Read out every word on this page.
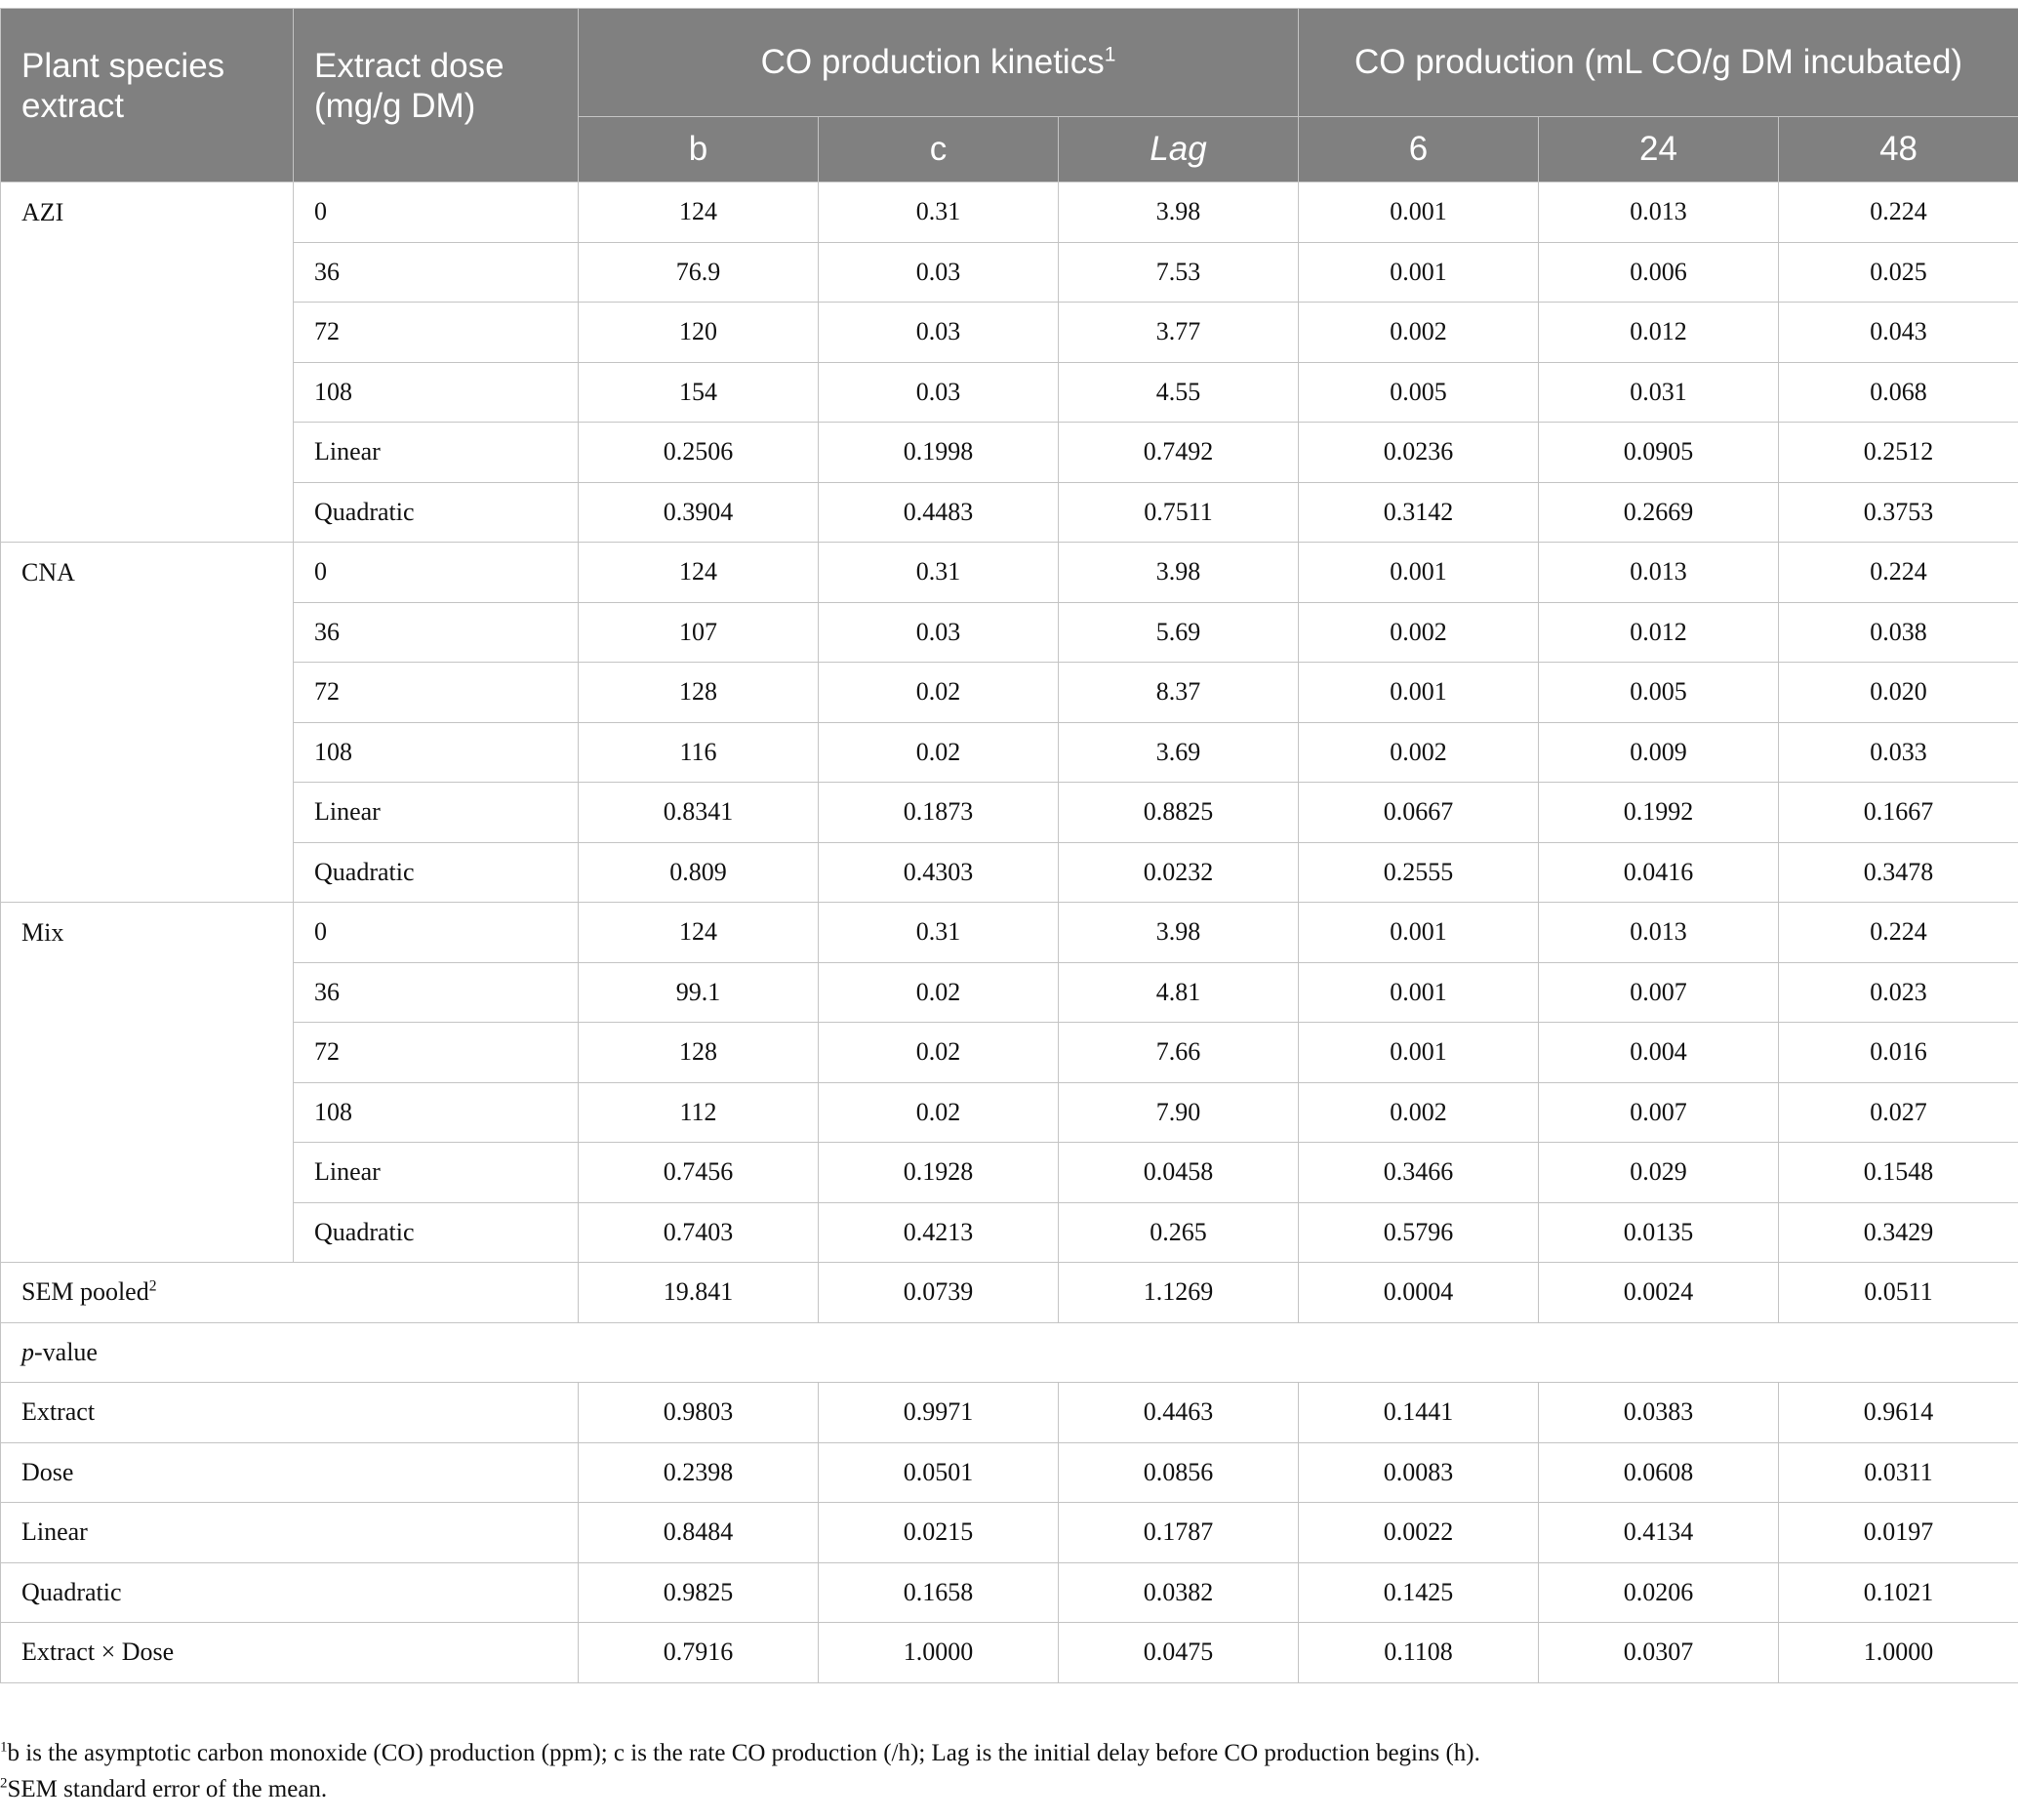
Plant species extract	Extract dose (mg/g DM)	CO production kinetics$^1$			CO production (mL CO/g DM incubated)		
		b	c	Lag	6	24	48
AZI	0	124	0.31	3.98	0.001	0.013	0.224
	36	76.9	0.03	7.53	0.001	0.006	0.025
	72	120	0.03	3.77	0.002	0.012	0.043
	108	154	0.03	4.55	0.005	0.031	0.068
	Linear	0.2506	0.1998	0.7492	0.0236	0.0905	0.2512
	Quadratic	0.3904	0.4483	0.7511	0.3142	0.2669	0.3753
CNA	0	124	0.31	3.98	0.001	0.013	0.224
	36	107	0.03	5.69	0.002	0.012	0.038
	72	128	0.02	8.37	0.001	0.005	0.020
	108	116	0.02	3.69	0.002	0.009	0.033
	Linear	0.8341	0.1873	0.8825	0.0667	0.1992	0.1667
	Quadratic	0.809	0.4303	0.0232	0.2555	0.0416	0.3478
Mix	0	124	0.31	3.98	0.001	0.013	0.224
	36	99.1	0.02	4.81	0.001	0.007	0.023
	72	128	0.02	7.66	0.001	0.004	0.016
	108	112	0.02	7.90	0.002	0.007	0.027
	Linear	0.7456	0.1928	0.0458	0.3466	0.029	0.1548
	Quadratic	0.7403	0.4213	0.265	0.5796	0.0135	0.3429
SEM pooled$^2$		19.841	0.0739	1.1269	0.0004	0.0024	0.0511
p-value							
Extract		0.9803	0.9971	0.4463	0.1441	0.0383	0.9614
Dose		0.2398	0.0501	0.0856	0.0083	0.0608	0.0311
Linear		0.8484	0.0215	0.1787	0.0022	0.4134	0.0197
Quadratic		0.9825	0.1658	0.0382	0.1425	0.0206	0.1021
Extract × Dose		0.7916	1.0000	0.0475	0.1108	0.0307	1.0000

$^1$b is the asymptotic carbon monoxide (CO) production (ppm); c is the rate CO production (/h); Lag is the initial delay before CO production begins (h).

$^2$SEM standard error of the mean.
